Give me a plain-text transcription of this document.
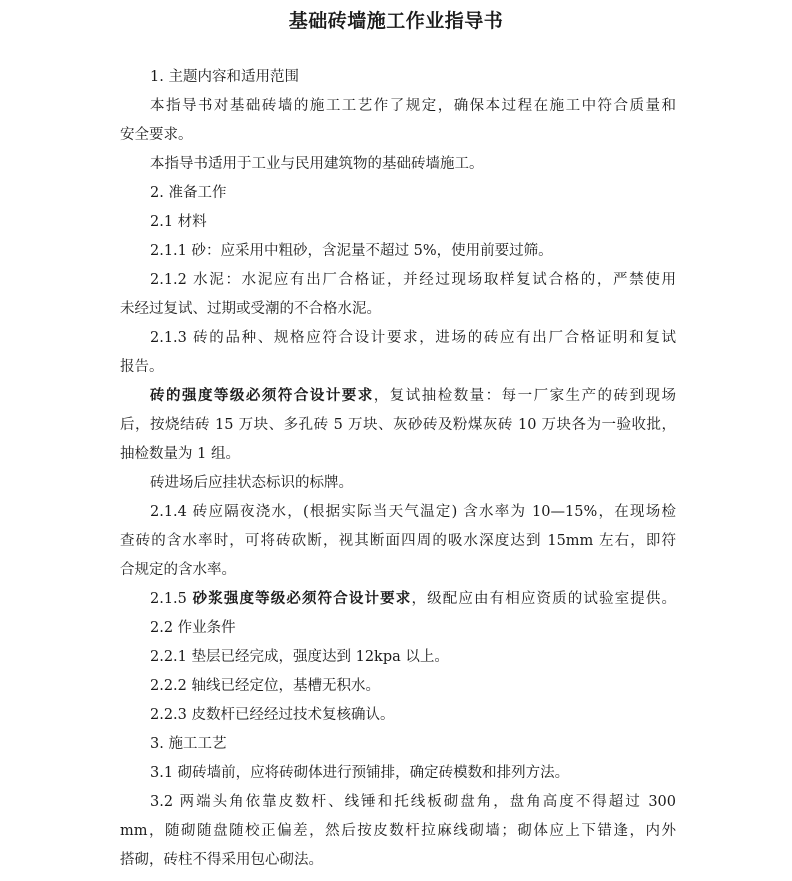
基础砖墙施工作业指导书
1. 主题内容和适用范围
本指导书对基础砖墙的施工工艺作了规定，确保本过程在施工中符合质量和
安全要求。
本指导书适用于工业与民用建筑物的基础砖墙施工。
2. 准备工作
2.1 材料
2.1.1 砂：应采用中粗砂，含泥量不超过 5%，使用前要过筛。
2.1.2 水泥：水泥应有出厂合格证，并经过现场取样复试合格的，严禁使用
未经过复试、过期或受潮的不合格水泥。
2.1.3 砖的品种、规格应符合设计要求，进场的砖应有出厂合格证明和复试
报告。
砖的强度等级必须符合设计要求，复试抽检数量：每一厂家生产的砖到现场
后，按烧结砖 15 万块、多孔砖 5 万块、灰砂砖及粉煤灰砖 10 万块各为一验收批，
抽检数量为 1 组。
砖进场后应挂状态标识的标牌。
2.1.4 砖应隔夜浇水，(根据实际当天气温定) 含水率为 10—15%，在现场检
查砖的含水率时，可将砖砍断，视其断面四周的吸水深度达到 15mm 左右，即符
合规定的含水率。
2.1.5 砂浆强度等级必须符合设计要求，级配应由有相应资质的试验室提供。
2.2 作业条件
2.2.1 垫层已经完成，强度达到 12kpa 以上。
2.2.2 轴线已经定位，基槽无积水。
2.2.3 皮数杆已经经过技术复核确认。
3. 施工工艺
3.1 砌砖墙前，应将砖砌体进行预铺排，确定砖模数和排列方法。
3.2 两端头角依靠皮数杆、线锤和托线板砌盘角，盘角高度不得超过 300
mm，随砌随盘随校正偏差，然后按皮数杆拉麻线砌墙；砌体应上下错逢，内外
搭砌，砖柱不得采用包心砌法。
